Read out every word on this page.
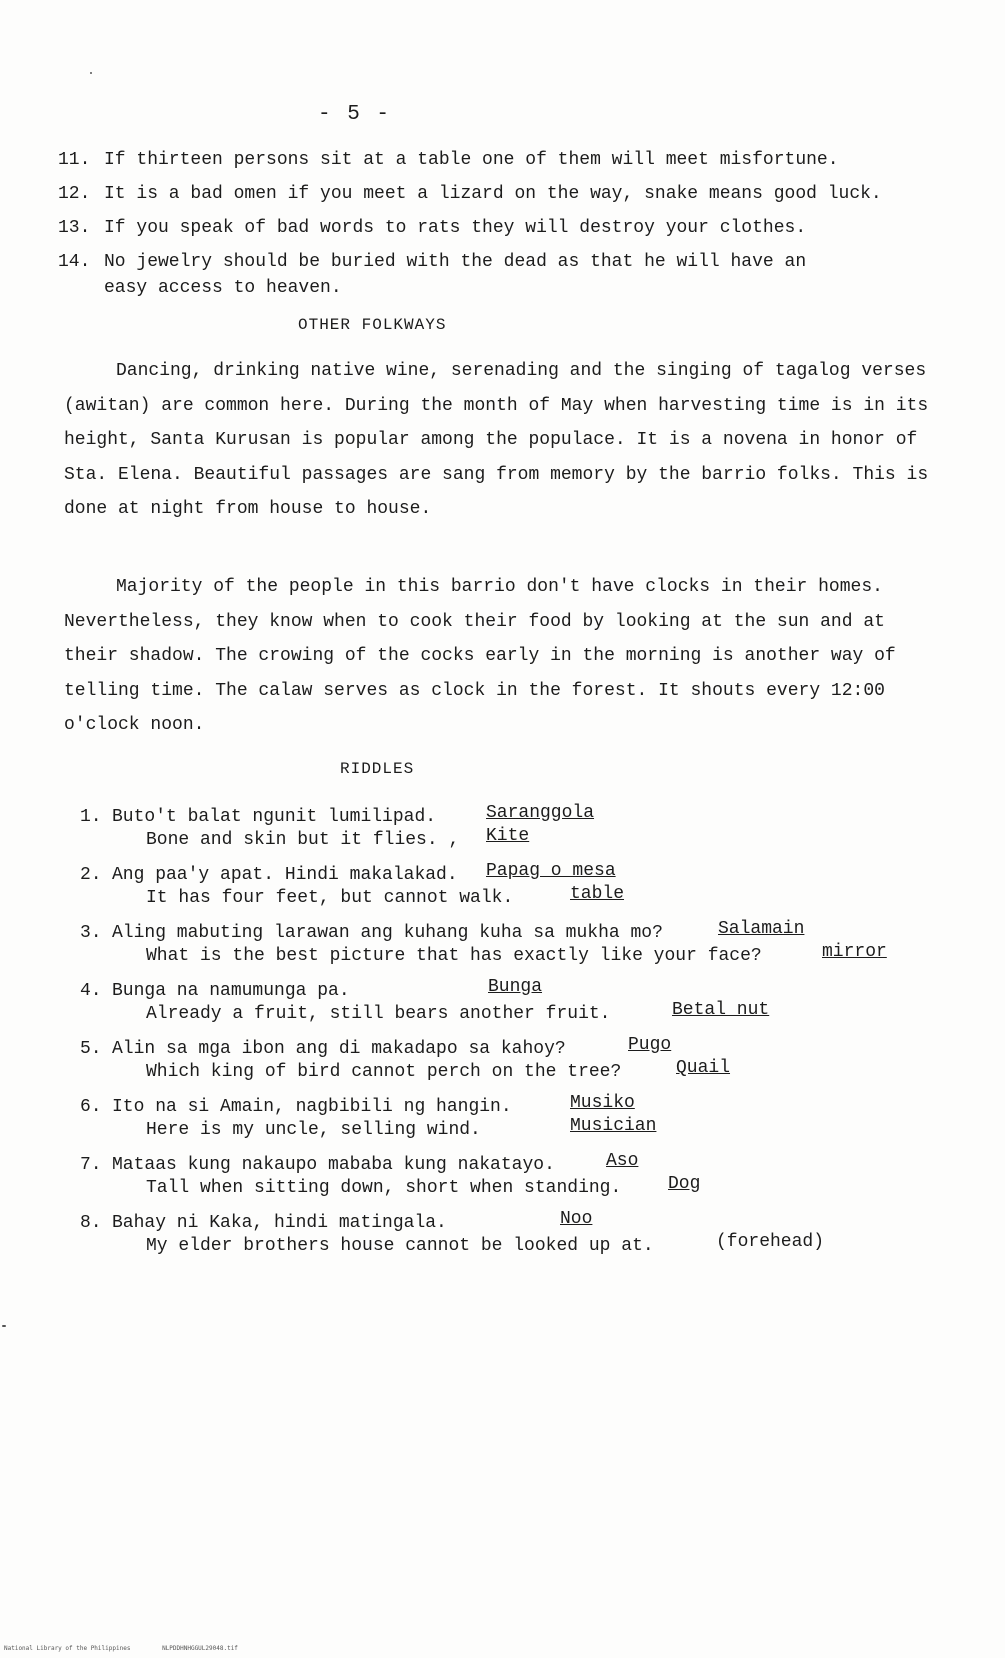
- 5 -
11. If thirteen persons sit at a table one of them will meet misfortune.
12. It is a bad omen if you meet a lizard on the way, snake means good luck.
13. If you speak of bad words to rats they will destroy your clothes.
14. No jewelry should be buried with the dead as that he will have an easy access to heaven.
OTHER FOLKWAYS
Dancing, drinking native wine, serenading and the singing of tagalog verses (awitan) are common here. During the month of May when harvesting time is in its height, Santa Kurusan is popular among the populace. It is a novena in honor of Sta. Elena. Beautiful passages are sang from memory by the barrio folks. This is done at night from house to house.
Majority of the people in this barrio don't have clocks in their homes. Nevertheless, they know when to cook their food by looking at the sun and at their shadow. The crowing of the cocks early in the morning is another way of telling time. The calaw serves as clock in the forest. It shouts every 12:00 o'clock noon.
RIDDLES
1. Buto't balat ngunit lumilipad.
Bone and skin but it flies. ,
Saranggola
Kite
2. Ang paa'y apat. Hindi makalakad.
It has four feet, but cannot walk.
Papag o mesa
table
3. Aling mabuting larawan ang kuhang kuha sa mukha mo?
What is the best picture that has exactly like your face?
Salamain
mirror
4. Bunga na namumunga pa.
Already a fruit, still bears another fruit.
Bunga
Betal nut
5. Alin sa mga ibon ang di makadapo sa kahoy?
Which king of bird cannot perch on the tree?
Pugo
Quail
6. Ito na si Amain, nagbibili ng hangin.
Here is my uncle, selling wind.
Musiko
Musician
7. Mataas kung nakaupo mababa kung nakatayo.
Tall when sitting down, short when standing.
Aso
Dog
8. Bahay ni Kaka, hindi matingala.
My elder brothers house cannot be looked up at.
Noo
(forehead)
National Library of the Philippines	NLPDDHNHGGUL29048.tif
